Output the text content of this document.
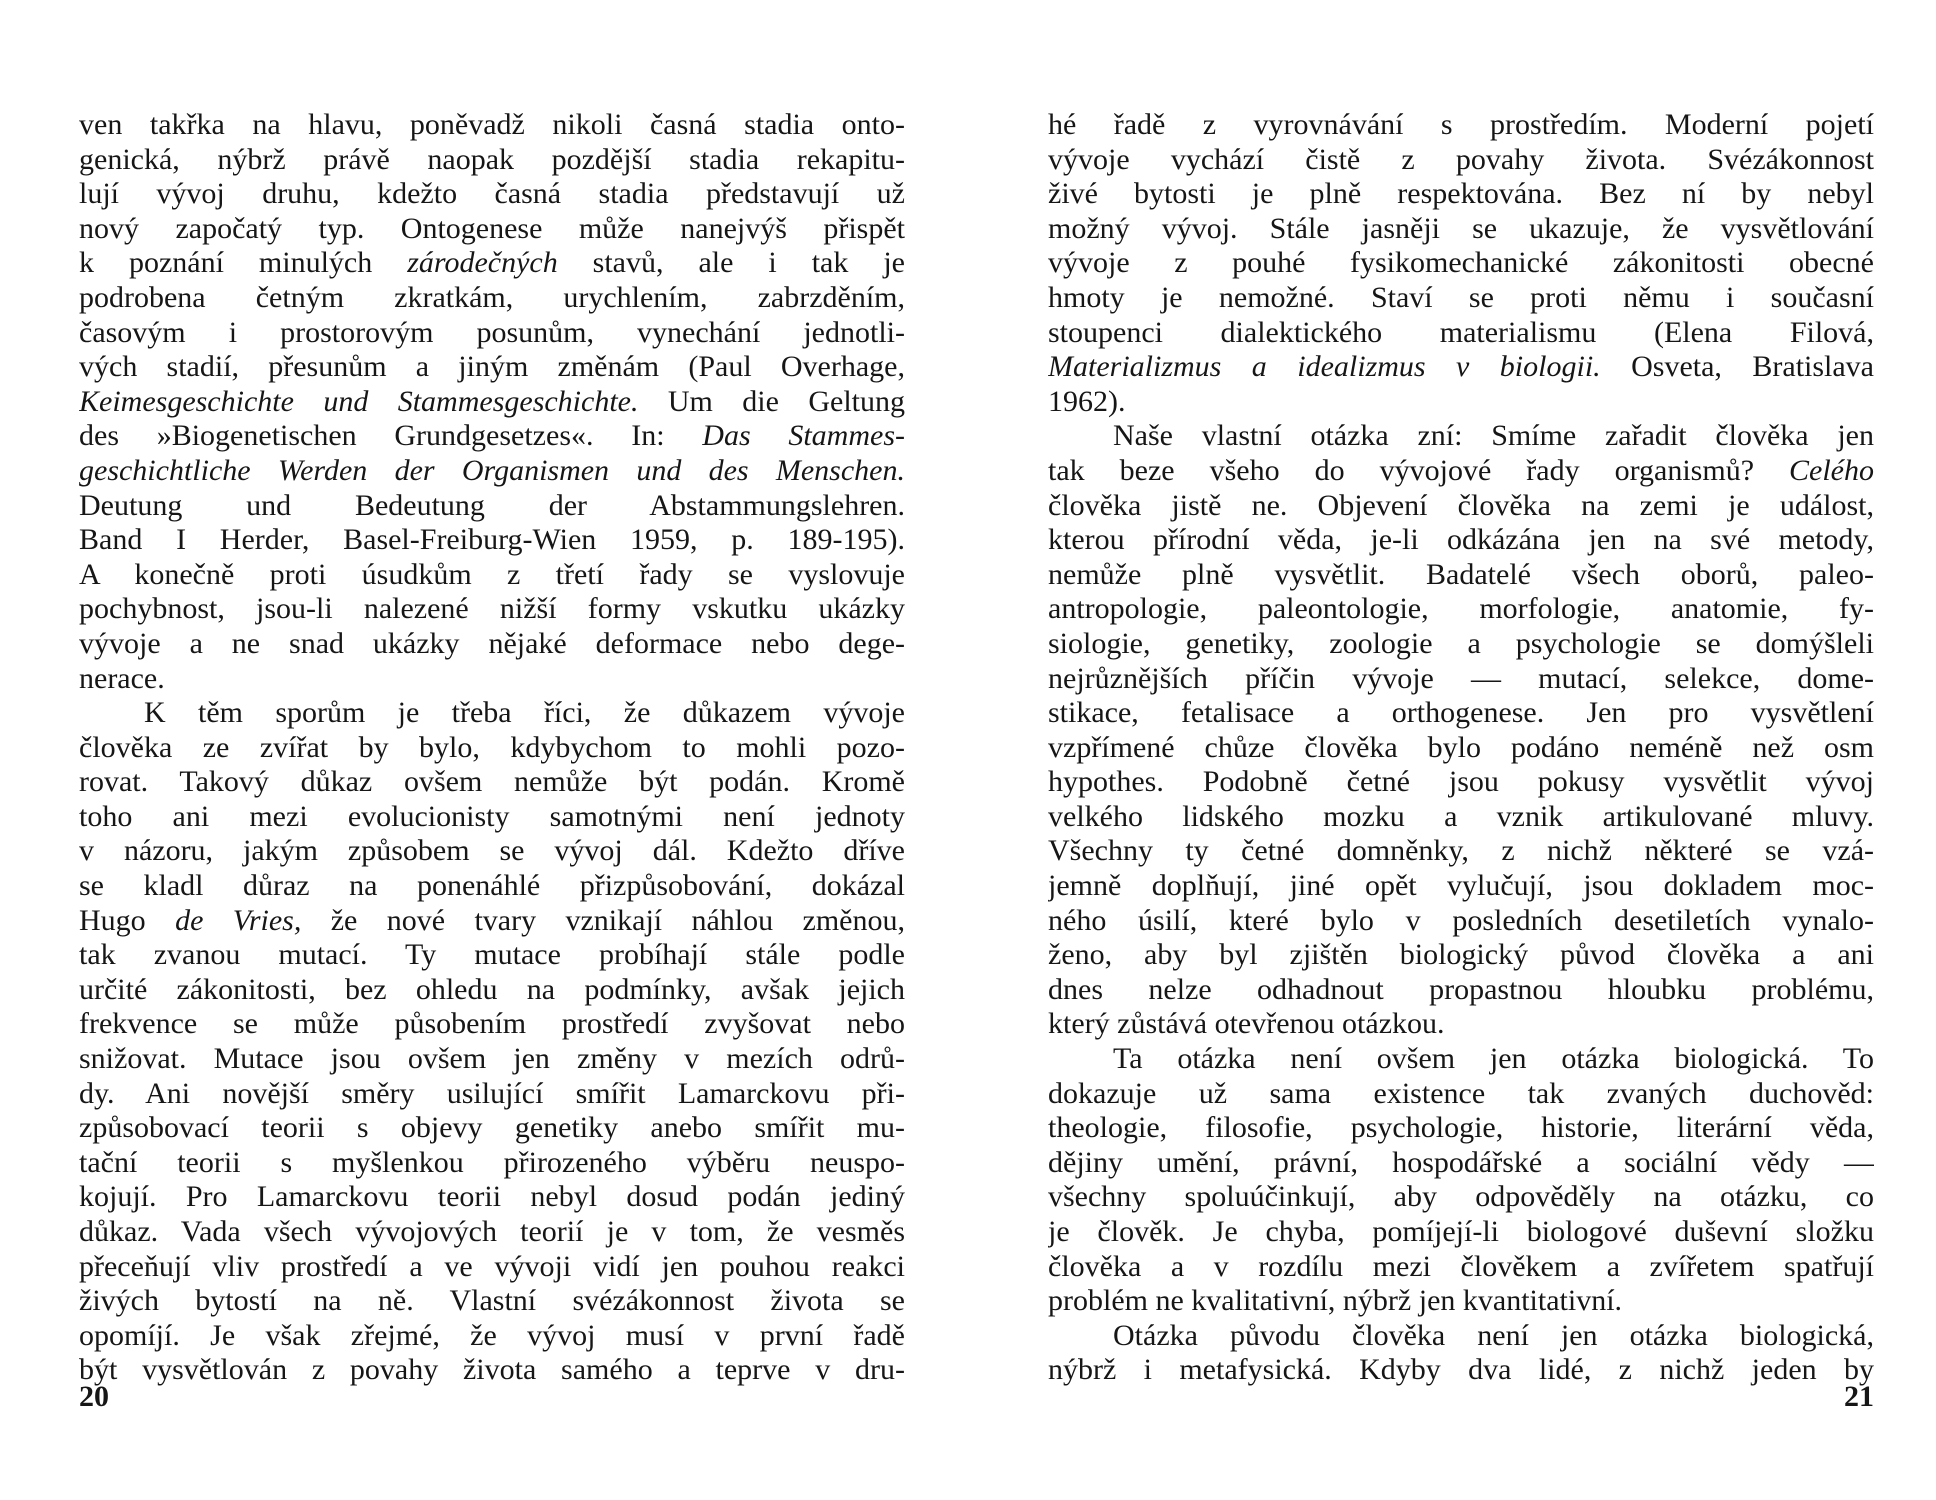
ven takřka na hlavu, poněvadž nikoli časná stadia onto-
genická, nýbrž právě naopak pozdější stadia rekapitu-
lují vývoj druhu, kdežto časná stadia představují už
nový započatý typ. Ontogenese může nanejvýš přispět
k poznání minulých zárodečných stavů, ale i tak je
podrobena četným zkratkám, urychlením, zabrzděním,
časovým i prostorovým posunům, vynechání jednotli-
vých stadií, přesunům a jiným změnám (Paul Overhage,
Keimesgeschichte und Stammesgeschichte. Um die Geltung
des »Biogenetischen Grundgesetzes«. In: Das Stammes-
geschichtliche Werden der Organismen und des Menschen.
Deutung und Bedeutung der Abstammungslehren.
Band I Herder, Basel-Freiburg-Wien 1959, p. 189-195).
A konečně proti úsudkům z třetí řady se vyslovuje
pochybnost, jsou-li nalezené nižší formy vskutku ukázky
vývoje a ne snad ukázky nějaké deformace nebo dege-
nerace.
K těm sporům je třeba říci, že důkazem vývoje
člověka ze zvířat by bylo, kdybychom to mohli pozo-
rovat. Takový důkaz ovšem nemůže být podán. Kromě
toho ani mezi evolucionisty samotnými není jednoty
v názoru, jakým způsobem se vývoj dál. Kdežto dříve
se kladl důraz na ponenáhlé přizpůsobování, dokázal
Hugo de Vries, že nové tvary vznikají náhlou změnou,
tak zvanou mutací. Ty mutace probíhají stále podle
určité zákonitosti, bez ohledu na podmínky, avšak jejich
frekvence se může působením prostředí zvyšovat nebo
snižovat. Mutace jsou ovšem jen změny v mezích odrů-
dy. Ani novější směry usilující smířit Lamarckovu při-
způsobovací teorii s objevy genetiky anebo smířit mu-
tační teorii s myšlenkou přirozeného výběru neuspo-
kojují. Pro Lamarckovu teorii nebyl dosud podán jediný
důkaz. Vada všech vývojových teorií je v tom, že vesměs
přeceňují vliv prostředí a ve vývoji vidí jen pouhou reakci
živých bytostí na ně. Vlastní svézákonnost života se
opomíjí. Je však zřejmé, že vývoj musí v první řadě
být vysvětlován z povahy života samého a teprve v dru-
20
hé řadě z vyrovnávání s prostředím. Moderní pojetí
vývoje vychází čistě z povahy života. Svézákonnost
živé bytosti je plně respektována. Bez ní by nebyl
možný vývoj. Stále jasněji se ukazuje, že vysvětlování
vývoje z pouhé fysikomechanické zákonitosti obecné
hmoty je nemožné. Staví se proti němu i současní
stoupenci dialektického materialismu (Elena Filová,
Materializmus a idealizmus v biologii. Osveta, Bratislava
1962).
Naše vlastní otázka zní: Smíme zařadit člověka jen
tak beze všeho do vývojové řady organismů? Celého
člověka jistě ne. Objevení člověka na zemi je událost,
kterou přírodní věda, je-li odkázána jen na své metody,
nemůže plně vysvětlit. Badatelé všech oborů, paleo-
antropologie, paleontologie, morfologie, anatomie, fy-
siologie, genetiky, zoologie a psychologie se domýšleli
nejrůznějších příčin vývoje — mutací, selekce, dome-
stikace, fetalisace a orthogenese. Jen pro vysvětlení
vzpřímené chůze člověka bylo podáno neméně než osm
hypothes. Podobně četné jsou pokusy vysvětlit vývoj
velkého lidského mozku a vznik artikulované mluvy.
Všechny ty četné domněnky, z nichž některé se vzá-
jemně doplňují, jiné opět vylučují, jsou dokladem moc-
ného úsilí, které bylo v posledních desetiletích vynalo-
ženo, aby byl zjištěn biologický původ člověka a ani
dnes nelze odhadnout propastnou hloubku problému,
který zůstává otevřenou otázkou.
Ta otázka není ovšem jen otázka biologická. To
dokazuje už sama existence tak zvaných duchověd:
theologie, filosofie, psychologie, historie, literární věda,
dějiny umění, právní, hospodářské a sociální vědy —
všechny spoluúčinkují, aby odpověděly na otázku, co
je člověk. Je chyba, pomíjejí-li biologové duševní složku
člověka a v rozdílu mezi člověkem a zvířetem spatřují
problém ne kvalitativní, nýbrž jen kvantitativní.
Otázka původu člověka není jen otázka biologická,
nýbrž i metafysická. Kdyby dva lidé, z nichž jeden by
21
